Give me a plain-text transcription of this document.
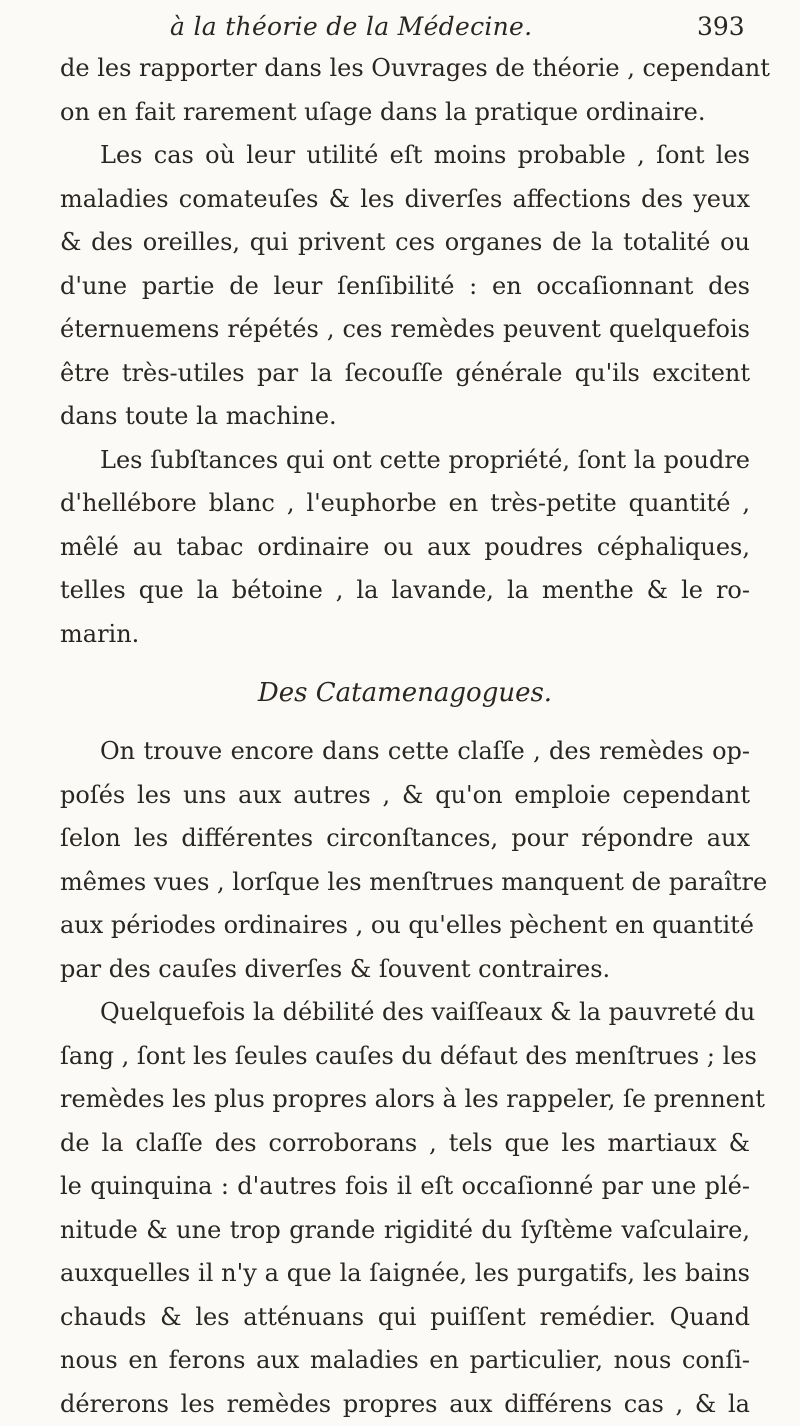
à la théorie de la Médecine.	393
de les rapporter dans les Ouvrages de théorie , cependant
on en fait rarement uſage dans la pratique ordinaire.
Les cas où leur utilité eſt moins probable , ſont les
maladies comateuſes & les diverſes affections des yeux
& des oreilles, qui privent ces organes de la totalité ou
d'une partie de leur ſenſibilité : en occaſionnant des
éternuemens répétés , ces remèdes peuvent quelquefois
être très-utiles par la ſecouſſe générale qu'ils excitent
dans toute la machine.
Les ſubſtances qui ont cette propriété, ſont la poudre
d'hellébore blanc , l'euphorbe en très-petite quantité ,
mêlé au tabac ordinaire ou aux poudres céphaliques,
telles que la bétoine , la lavande, la menthe & le ro-
marin.
Des Catamenagogues.
On trouve encore dans cette claſſe , des remèdes op-
poſés les uns aux autres , & qu'on emploie cependant
ſelon les différentes circonſtances, pour répondre aux
mêmes vues , lorſque les menſtrues manquent de paraître
aux périodes ordinaires , ou qu'elles pèchent en quantité
par des cauſes diverſes & ſouvent contraires.
Quelquefois la débilité des vaiſſeaux & la pauvreté du
ſang , ſont les ſeules cauſes du défaut des menſtrues ; les
remèdes les plus propres alors à les rappeler, ſe prennent
de la claſſe des corroborans , tels que les martiaux &
le quinquina : d'autres fois il eſt occaſionné par une plé-
nitude & une trop grande rigidité du ſyſtème vaſculaire,
auxquelles il n'y a que la ſaignée, les purgatifs, les bains
chauds & les atténuans qui puiſſent remédier. Quand
nous en ferons aux maladies en particulier, nous conſi-
dérerons les remèdes propres aux différens cas , & la
